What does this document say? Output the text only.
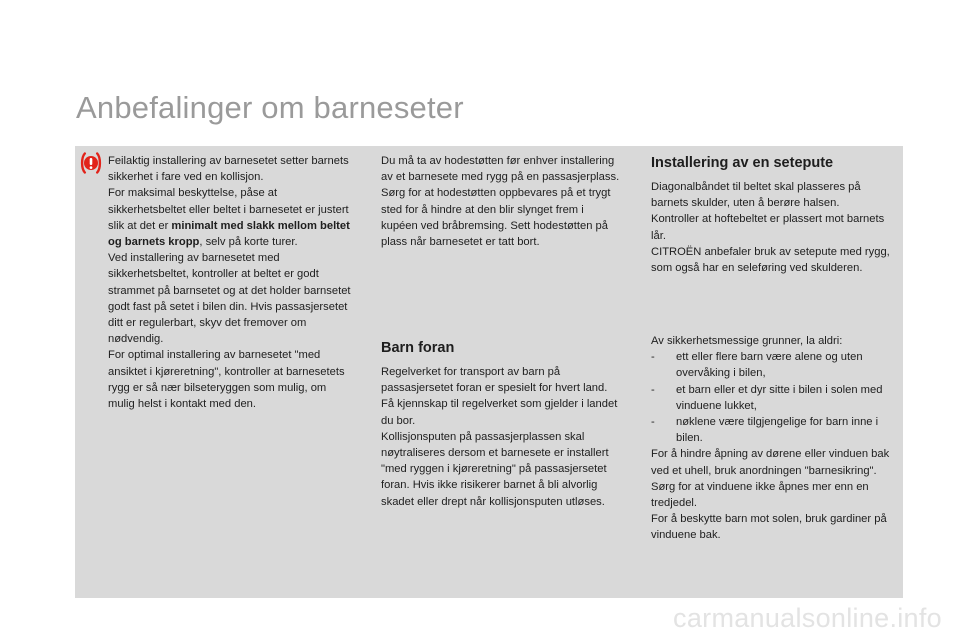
Anbefalinger om barneseter

Feilaktig installering av barnesetet setter barnets sikkerhet i fare ved en kollisjon.

For maksimal beskyttelse, påse at sikkerhetsbeltet eller beltet i barnesetet er justert slik at det er minimalt med slakk mellom beltet og barnets kropp, selv på korte turer.

Ved installering av barnesetet med sikkerhetsbeltet, kontroller at beltet er godt strammet på barnsetet og at det holder barnsetet godt fast på setet i bilen din. Hvis passasjersetet ditt er regulerbart, skyv det fremover om nødvendig.

For optimal installering av barnesetet "med ansiktet i kjøreretning", kontroller at barnesetets rygg er så nær bilseteryggen som mulig, om mulig helst i kontakt med den.

Du må ta av hodestøtten før enhver installering av et barnesete med rygg på en passasjerplass. Sørg for at hodestøtten oppbevares på et trygt sted for å hindre at den blir slynget frem i kupéen ved bråbremsing. Sett hodestøtten på plass når barnesetet er tatt bort.

Barn foran

Regelverket for transport av barn på passasjersetet foran er spesielt for hvert land.

Få kjennskap til regelverket som gjelder i landet du bor.

Kollisjonsputen på passasjerplassen skal nøytraliseres dersom et barnesete er installert "med ryggen i kjøreretning" på passasjersetet foran. Hvis ikke risikerer barnet å bli alvorlig skadet eller drept når kollisjonsputen utløses.

Installering av en setepute

Diagonalbåndet til beltet skal plasseres på barnets skulder, uten å berøre halsen.

Kontroller at hoftebeltet er plassert mot barnets lår.

CITROËN anbefaler bruk av setepute med rygg, som også har en seleføring ved skulderen.

Av sikkerhetsmessige grunner, la aldri:

- ett eller flere barn være alene og uten overvåking i bilen,
- et barn eller et dyr sitte i bilen i solen med vinduene lukket,
- nøklene være tilgjengelige for barn inne i bilen.

For å hindre åpning av dørene eller vinduen bak ved et uhell, bruk anordningen "barnesikring".

Sørg for at vinduene ikke åpnes mer enn en tredjedel.

For å beskytte barn mot solen, bruk gardiner på vinduene bak.

carmanualsonline.info
